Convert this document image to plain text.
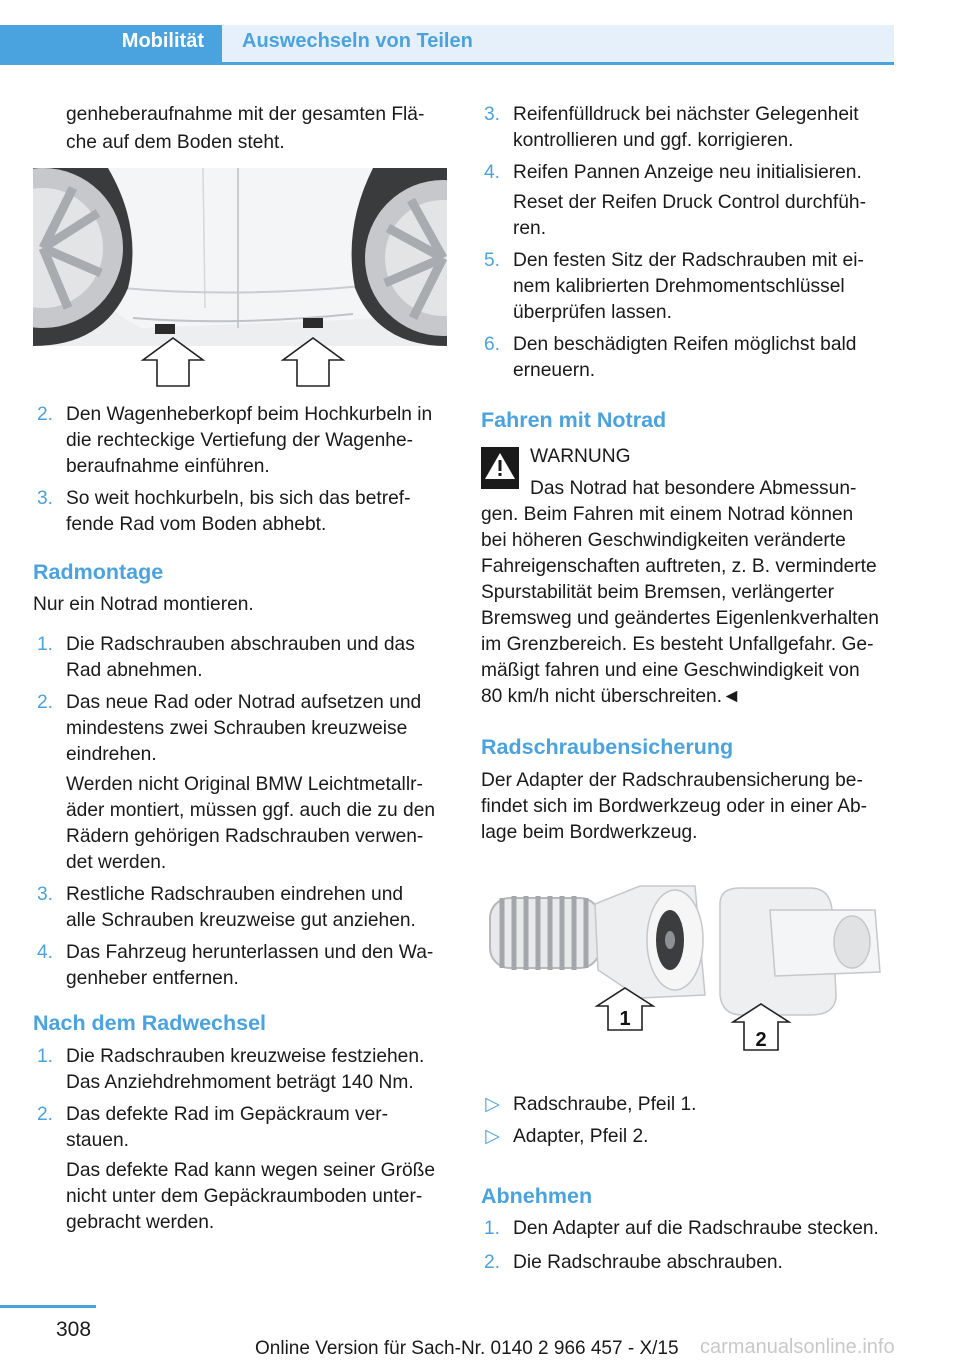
Mobilität Auswechseln von Teilen
genheberaufnahme mit der gesamten Flä-
che auf dem Boden steht.
2. Den Wagenheberkopf beim Hochkurbeln in
die rechteckige Vertiefung der Wagenhe-
beraufnahme einführen.
3. So weit hochkurbeln, bis sich das betref-
fende Rad vom Boden abhebt.
Radmontage
Nur ein Notrad montieren.
1. Die Radschrauben abschrauben und das
Rad abnehmen.
2. Das neue Rad oder Notrad aufsetzen und
mindestens zwei Schrauben kreuzweise
eindrehen.
Werden nicht Original BMW Leichtmetallr-
äder montiert, müssen ggf. auch die zu den
Rädern gehörigen Radschrauben verwen-
det werden.
3. Restliche Radschrauben eindrehen und
alle Schrauben kreuzweise gut anziehen.
4. Das Fahrzeug herunterlassen und den Wa-
genheber entfernen.
Nach dem Radwechsel
1. Die Radschrauben kreuzweise festziehen.
Das Anziehdrehmoment beträgt 140 Nm.
2. Das defekte Rad im Gepäckraum ver-
stauen.
Das defekte Rad kann wegen seiner Größe
nicht unter dem Gepäckraumboden unter-
gebracht werden.
3. Reifenfülldruck bei nächster Gelegenheit
kontrollieren und ggf. korrigieren.
4. Reifen Pannen Anzeige neu initialisieren.
Reset der Reifen Druck Control durchfüh-
ren.
5. Den festen Sitz der Radschrauben mit ei-
nem kalibrierten Drehmomentschlüssel
überprüfen lassen.
6. Den beschädigten Reifen möglichst bald
erneuern.
Fahren mit Notrad
WARNUNG
Das Notrad hat besondere Abmessun-
gen. Beim Fahren mit einem Notrad können
bei höheren Geschwindigkeiten veränderte
Fahreigenschaften auftreten, z. B. verminderte
Spurstabilität beim Bremsen, verlängerter
Bremsweg und geändertes Eigenlenkverhalten
im Grenzbereich. Es besteht Unfallgefahr. Ge-
mäßigt fahren und eine Geschwindigkeit von
80 km/h nicht überschreiten.◄
Radschraubensicherung
Der Adapter der Radschraubensicherung be-
findet sich im Bordwerkzeug oder in einer Ab-
lage beim Bordwerkzeug.
1
2
▷ Radschraube, Pfeil 1.
▷ Adapter, Pfeil 2.
Abnehmen
1. Den Adapter auf die Radschraube stecken.
2. Die Radschraube abschrauben.
308
Online Version für Sach-Nr. 0140 2 966 457 - X/15 carmanualsonline.info
